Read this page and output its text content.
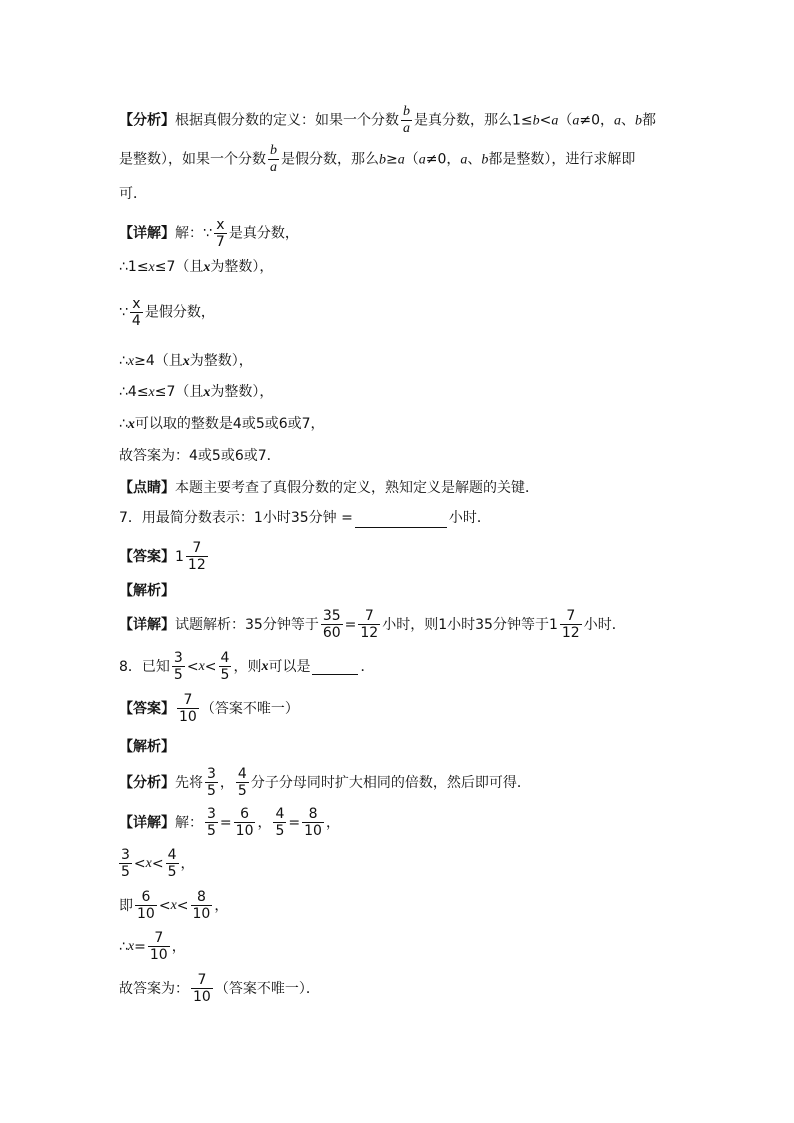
【分析】根据真假分数的定义：如果一个分数 $\frac{b}{a}$ 是真分数，那么1≤b<a（a≠0，a、b都
是整数），如果一个分数 $\frac{b}{a}$ 是假分数，那么b≥a（a≠0，a、b都是整数），进行求解即
可．
【详解】解：∵ $\frac{x}{7}$ 是真分数，
∴1≤x≤7（且x为整数），
∵ $\frac{x}{4}$ 是假分数，
∴x≥4（且x为整数），
∴4≤x≤7（且x为整数），
∴x可以取的整数是4或5或6或7，
故答案为：4或5或6或7．
【点睛】本题主要考查了真假分数的定义，熟知定义是解题的关键．
7．用最简分数表示：1小时35分钟 =	小时．
【答案】$1 \frac{7}{12}$
【解析】
【详解】试题解析：35分钟等于 $\frac{35}{60} = \frac{7}{12}$ 小时，则1小时35分钟等于$1 \frac{7}{12}$ 小时．
8．已知 $\frac{3}{5} <x< \frac{4}{5}$ ，则x可以是	．
【答案】 $\frac{7}{10}$ （答案不唯一）
【解析】
【分析】先将 $\frac{3}{5}$ ， $\frac{4}{5}$ 分子分母同时扩大相同的倍数，然后即可得．
【详解】解： $\frac{3}{5} = \frac{6}{10}$ ， $\frac{4}{5} = \frac{8}{10}$ ，
$\frac{3}{5} <x< \frac{4}{5}$ ，
即 $\frac{6}{10} <x< \frac{8}{10}$ ，
∴x= $\frac{7}{10}$ ，
故答案为： $\frac{7}{10}$ （答案不唯一）．
